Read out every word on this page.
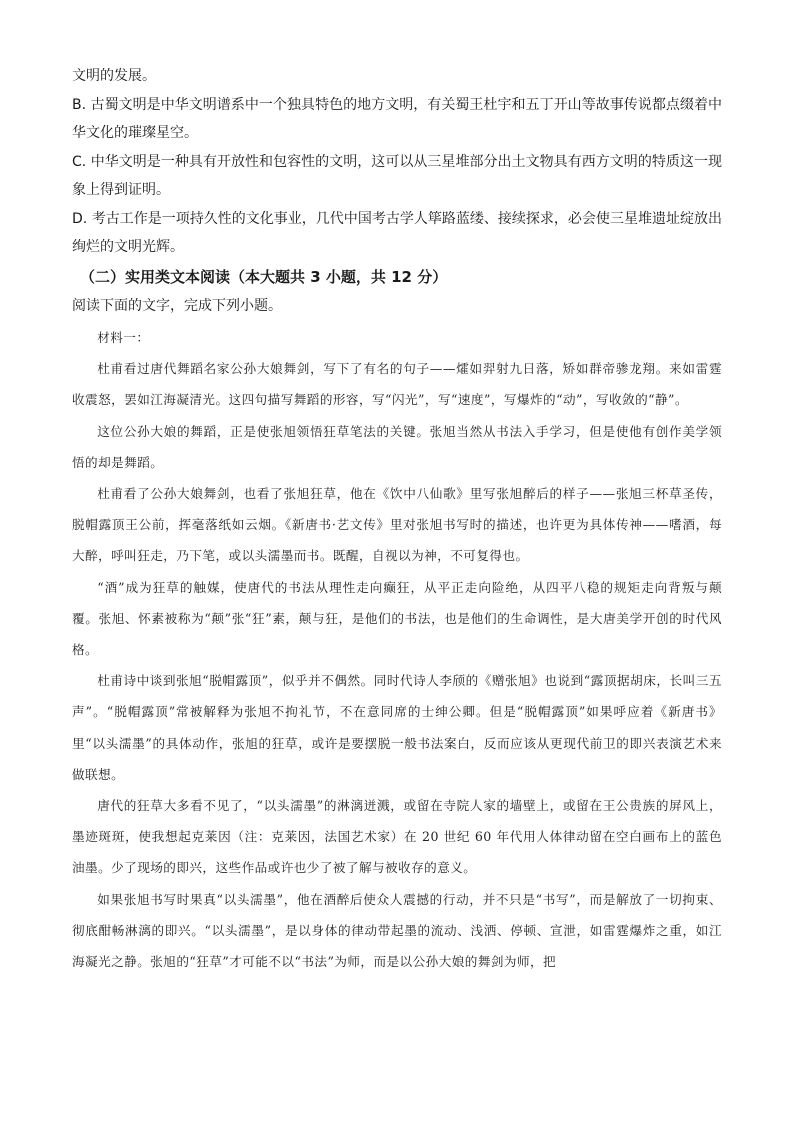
文明的发展。

B. 古蜀文明是中华文明谱系中一个独具特色的地方文明，有关蜀王杜宇和五丁开山等故事传说都点缀着中华文化的璀璨星空。

C. 中华文明是一种具有开放性和包容性的文明，这可以从三星堆部分出土文物具有西方文明的特质这一现象上得到证明。

D. 考古工作是一项持久性的文化事业，几代中国考古学人筚路蓝缕、接续探求，必会使三星堆遗址绽放出绚烂的文明光辉。

（二）实用类文本阅读（本大题共 3 小题，共 12 分）

阅读下面的文字，完成下列小题。

材料一：

杜甫看过唐代舞蹈名家公孙大娘舞剑，写下了有名的句子——㸌如羿射九日落，矫如群帝骖龙翔。来如雷霆收震怒，罢如江海凝清光。这四句描写舞蹈的形容，写“闪光”，写“速度”，写爆炸的“动”，写收敛的“静”。

这位公孙大娘的舞蹈，正是使张旭领悟狂草笔法的关键。张旭当然从书法入手学习，但是使他有创作美学领悟的却是舞蹈。

杜甫看了公孙大娘舞剑，也看了张旭狂草，他在《饮中八仙歌》里写张旭醉后的样子——张旭三杯草圣传，脱帽露顶王公前，挥毫落纸如云烟。《新唐书·艺文传》里对张旭书写时的描述，也许更为具体传神——嗜酒，每大醉，呼叫狂走，乃下笔，或以头濡墨而书。既醒，自视以为神，不可复得也。

“酒”成为狂草的触媒，使唐代的书法从理性走向癫狂，从平正走向险绝，从四平八稳的规矩走向背叛与颠覆。张旭、怀素被称为“颠”张“狂”素，颠与狂，是他们的书法，也是他们的生命调性，是大唐美学开创的时代风格。

杜甫诗中谈到张旭“脱帽露顶”，似乎并不偶然。同时代诗人李颀的《赠张旭》也说到“露顶据胡床，长叫三五声”。“脱帽露顶”常被解释为张旭不拘礼节，不在意同席的士绅公卿。但是“脱帽露顶”如果呼应着《新唐书》里“以头濡墨”的具体动作，张旭的狂草，或许是要摆脱一般书法案白，反而应该从更现代前卫的即兴表演艺术来做联想。

唐代的狂草大多看不见了，“以头濡墨”的淋漓迸溅，或留在寺院人家的墙壁上，或留在王公贵族的屏风上，墨迹斑斑，使我想起克莱因（注：克莱因，法国艺术家）在 20 世纪 60 年代用人体律动留在空白画布上的蓝色油墨。少了现场的即兴，这些作品或许也少了被了解与被收存的意义。

如果张旭书写时果真“以头濡墨”，他在酒醉后使众人震撼的行动，并不只是“书写”，而是解放了一切拘束、彻底酣畅淋漓的即兴。“以头濡墨”，是以身体的律动带起墨的流动、浅洒、停顿、宣泄，如雷霆爆炸之重，如江海凝光之静。张旭的“狂草”才可能不以“书法”为师，而是以公孙大娘的舞剑为师，把
